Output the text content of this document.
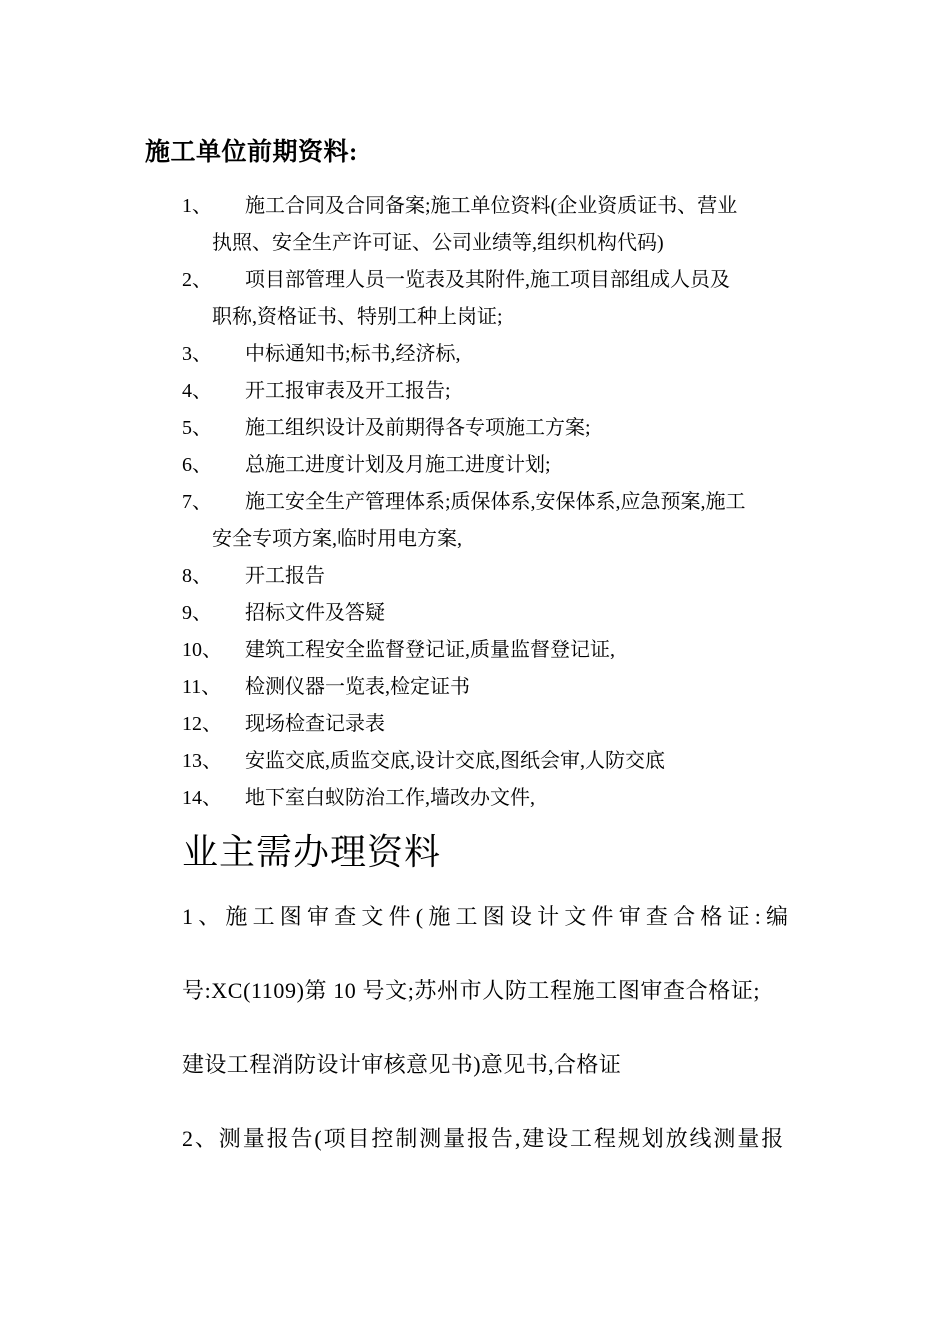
施工单位前期资料:
1、	施工合同及合同备案;施工单位资料(企业资质证书、营业
执照、安全生产许可证、公司业绩等,组织机构代码)
2、	项目部管理人员一览表及其附件,施工项目部组成人员及
职称,资格证书、特别工种上岗证;
3、	中标通知书;标书,经济标,
4、	开工报审表及开工报告;
5、	施工组织设计及前期得各专项施工方案;
6、	总施工进度计划及月施工进度计划;
7、	施工安全生产管理体系;质保体系,安保体系,应急预案,施工
安全专项方案,临时用电方案,
8、	开工报告
9、	招标文件及答疑
10、	建筑工程安全监督登记证,质量监督登记证,
11、	检测仪器一览表,检定证书
12、	现场检查记录表
13、	安监交底,质监交底,设计交底,图纸会审,人防交底
14、	地下室白蚁防治工作,墙改办文件,
业主需办理资料
1、施工图审查文件(施工图设计文件审查合格证:编
号:XC(1109)第 10 号文;苏州市人防工程施工图审查合格证;
建设工程消防设计审核意见书)意见书,合格证
2、测量报告(项目控制测量报告,建设工程规划放线测量报
